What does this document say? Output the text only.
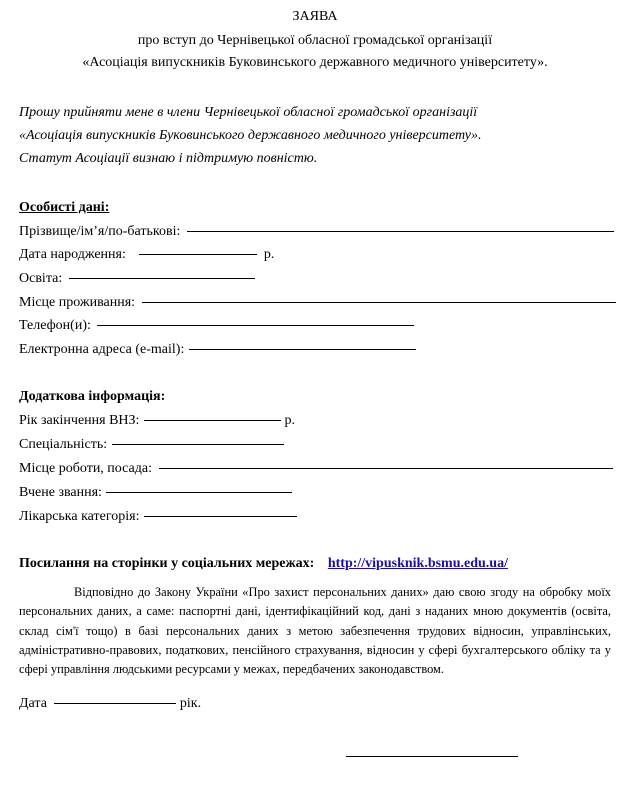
ЗАЯВА
про вступ до Чернівецької обласної громадської організації
«Асоціація випускників Буковинського державного медичного університету».
Прошу прийняти мене в члени Чернівецької обласної громадської організації
«Асоціація випускників Буковинського державного медичного університету».
Статут Асоціації визнаю і підтримую повністю.
Особисті дані:
Прізвище/ім’я/по-батькові:
Дата народження:	р.
Освіта:
Місце проживання:
Телефон(и):
Електронна адреса (e-mail):
Додаткова інформація:
Рік закінчення ВНЗ:	р.
Спеціальність:
Місце роботи, посада:
Вчене звання:
Лікарська категорія:
Посилання на сторінки у соціальних мережах: http://vipusknik.bsmu.edu.ua/
Відповідно до Закону України «Про захист персональних даних» даю свою згоду на обробку моїх персональних даних, а саме: паспортні дані, ідентифікаційний код, дані з наданих мною документів (освіта, склад сім'ї тощо) в базі персональних даних з метою забезпечення трудових відносин, управлінських, адміністративно-правових, податкових, пенсійного страхування, відносин у сфері бухгалтерського обліку та у сфері управління людськими ресурсами у межах, передбачених законодавством.
Дата	рік.
